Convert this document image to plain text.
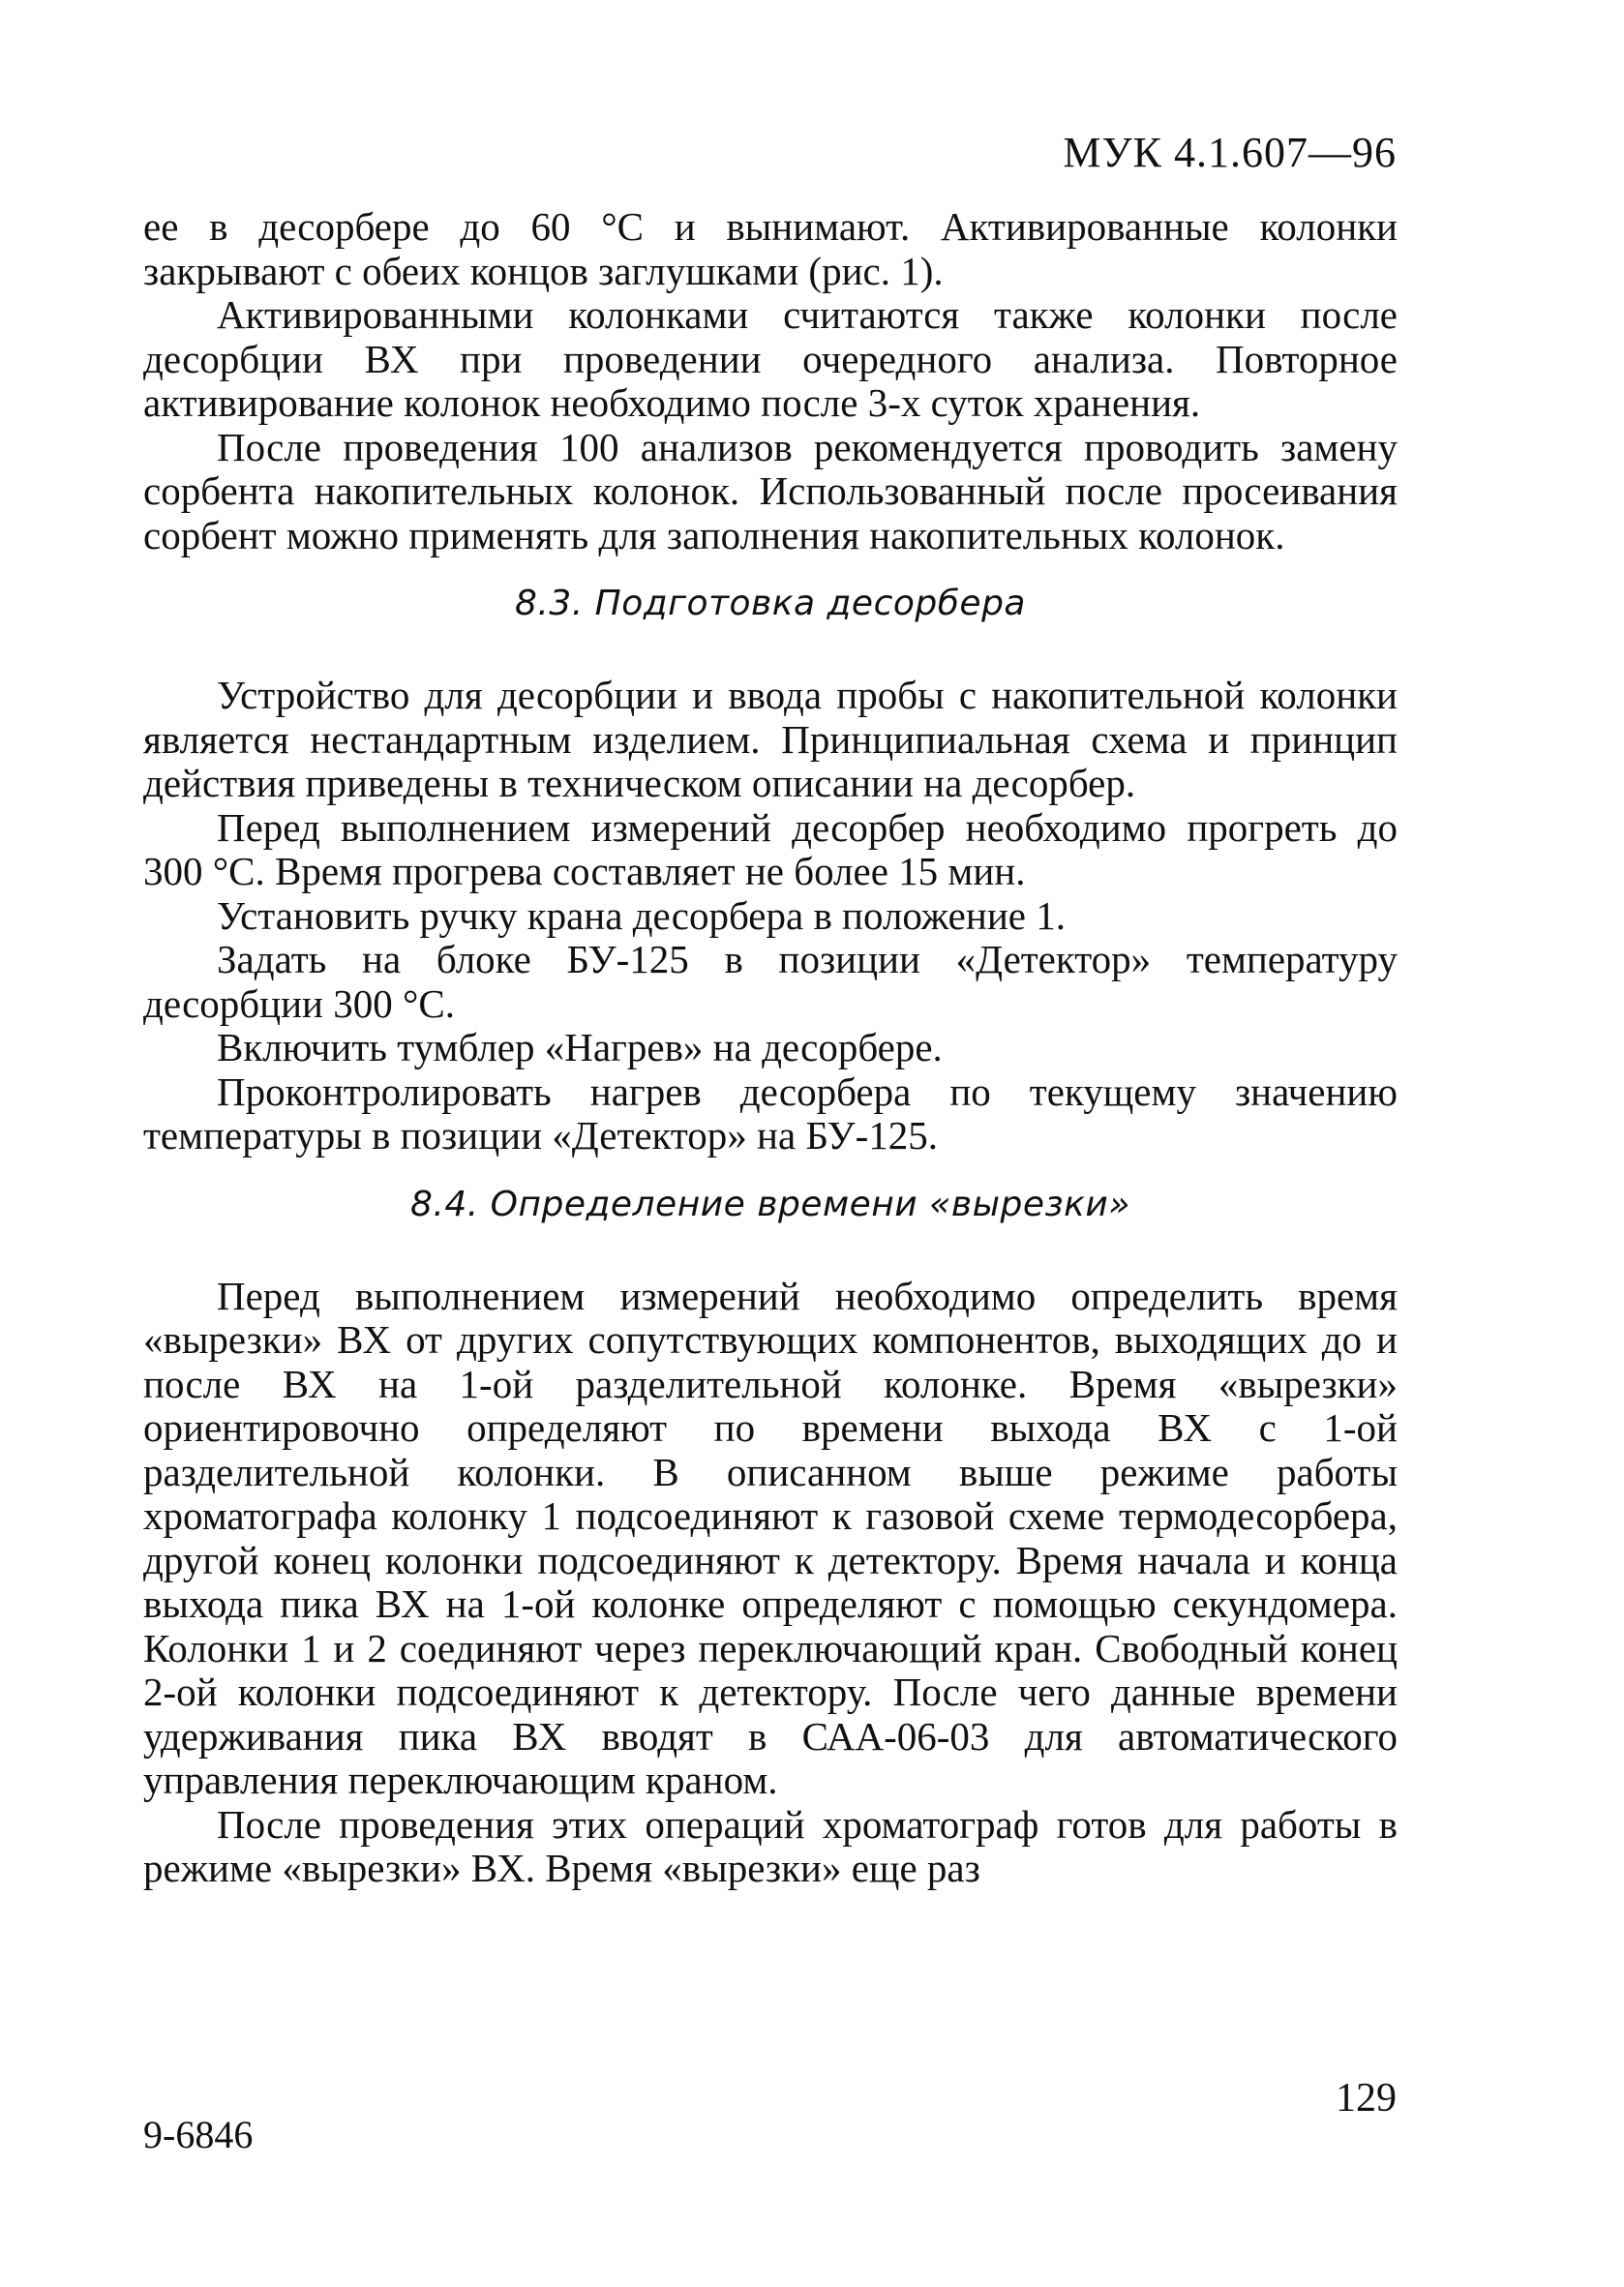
МУК 4.1.607—96

ее в десорбере до 60 °С и вынимают. Активированные колонки закрывают с обеих концов заглушками (рис. 1).

Активированными колонками считаются также колонки после десорбции ВХ при проведении очередного анализа. Повторное активирование колонок необходимо после 3-х суток хранения.

После проведения 100 анализов рекомендуется проводить замену сорбента накопительных колонок. Использованный после просеивания сорбент можно применять для заполнения накопительных колонок.

8.3. Подготовка десорбера

Устройство для десорбции и ввода пробы с накопительной колонки является нестандартным изделием. Принципиальная схема и принцип действия приведены в техническом описании на десорбер.

Перед выполнением измерений десорбер необходимо прогреть до 300 °С. Время прогрева составляет не более 15 мин.

Установить ручку крана десорбера в положение 1.

Задать на блоке БУ-125 в позиции «Детектор» температуру десорбции 300 °С.

Включить тумблер «Нагрев» на десорбере.

Проконтролировать нагрев десорбера по текущему значению температуры в позиции «Детектор» на БУ-125.

8.4. Определение времени «вырезки»

Перед выполнением измерений необходимо определить время «вырезки» ВХ от других сопутствующих компонентов, выходящих до и после ВХ на 1-ой разделительной колонке. Время «вырезки» ориентировочно определяют по времени выхода ВХ с 1-ой разделительной колонки. В описанном выше режиме работы хроматографа колонку 1 подсоединяют к газовой схеме термодесорбера, другой конец колонки подсоединяют к детектору. Время начала и конца выхода пика ВХ на 1-ой колонке определяют с помощью секундомера. Колонки 1 и 2 соединяют через переключающий кран. Свободный конец 2-ой колонки подсоединяют к детектору. После чего данные времени удерживания пика ВХ вводят в САА-06-03 для автоматического управления переключающим краном.

После проведения этих операций хроматограф готов для работы в режиме «вырезки» ВХ. Время «вырезки» еще раз

129
9-6846
